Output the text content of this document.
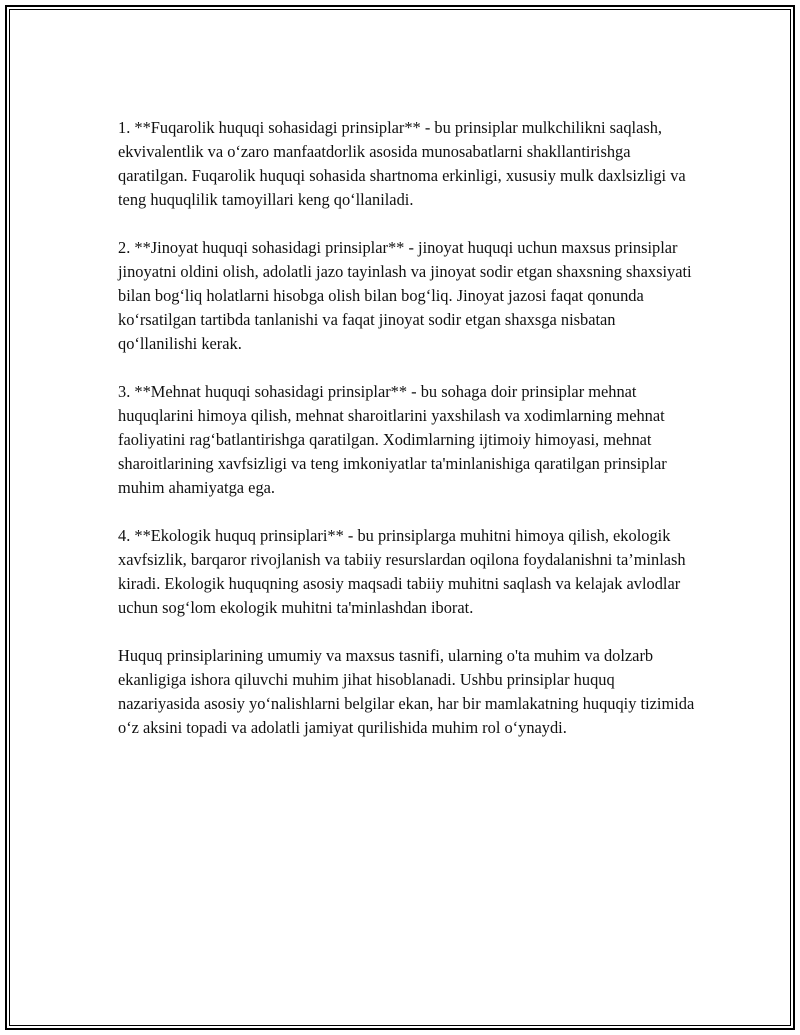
1. **Fuqarolik huquqi sohasidagi prinsiplar** - bu prinsiplar mulkchilikni saqlash, ekvivalentlik va o‘zaro manfaatdorlik asosida munosabatlarni shakllantirishga qaratilgan. Fuqarolik huquqi sohasida shartnoma erkinligi, xususiy mulk daxlsizligi va teng huquqlilik tamoyillari keng qo‘llaniladi.

2. **Jinoyat huquqi sohasidagi prinsiplar** - jinoyat huquqi uchun maxsus prinsiplar jinoyatni oldini olish, adolatli jazo tayinlash va jinoyat sodir etgan shaxsning shaxsiyati bilan bog‘liq holatlarni hisobga olish bilan bog‘liq. Jinoyat jazosi faqat qonunda ko‘rsatilgan tartibda tanlanishi va faqat jinoyat sodir etgan shaxsga nisbatan qo‘llanilishi kerak.

3. **Mehnat huquqi sohasidagi prinsiplar** - bu sohaga doir prinsiplar mehnat huquqlarini himoya qilish, mehnat sharoitlarini yaxshilash va xodimlarning mehnat faoliyatini rag‘batlantirishga qaratilgan. Xodimlarning ijtimoiy himoyasi, mehnat sharoitlarining xavfsizligi va teng imkoniyatlar ta'minlanishiga qaratilgan prinsiplar muhim ahamiyatga ega.

4. **Ekologik huquq prinsiplari** - bu prinsiplarga muhitni himoya qilish, ekologik xavfsizlik, barqaror rivojlanish va tabiiy resurslardan oqilona foydalanishni ta’minlash kiradi. Ekologik huquqning asosiy maqsadi tabiiy muhitni saqlash va kelajak avlodlar uchun sog‘lom ekologik muhitni ta'minlashdan iborat.

Huquq prinsiplarining umumiy va maxsus tasnifi, ularning o'ta muhim va dolzarb ekanligiga ishora qiluvchi muhim jihat hisoblanadi. Ushbu prinsiplar huquq nazariyasida asosiy yo‘nalishlarni belgilar ekan, har bir mamlakatning huquqiy tizimida o‘z aksini topadi va adolatli jamiyat qurilishida muhim rol o‘ynaydi.
